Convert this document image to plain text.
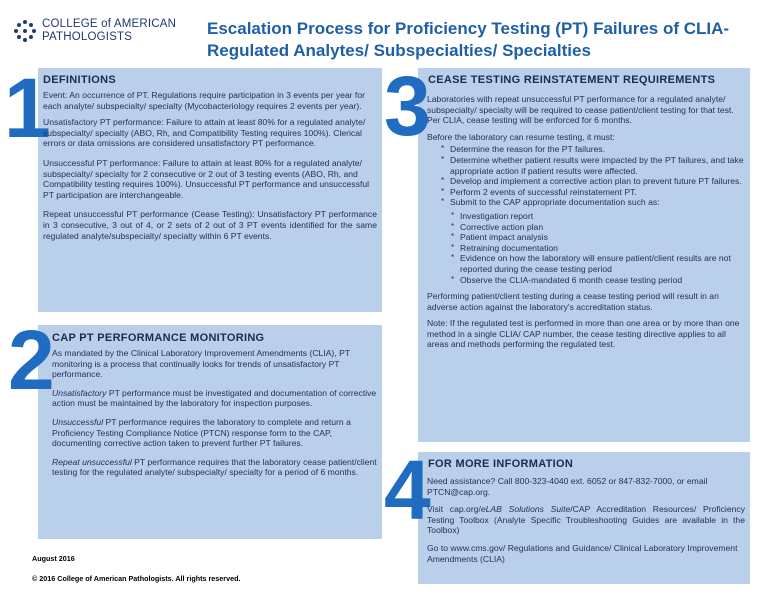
COLLEGE of AMERICAN
PATHOLOGISTS	Escalation Process for Proficiency Testing (PT) Failures of CLIA-
Regulated Analytes/ Subspecialties/ Specialties
1
DEFINITIONS

Event: An occurrence of PT. Regulations require participation in 3 events per year for each analyte/ subspecialty/ specialty (Mycobacteriology requires 2 events per year).

Unsatisfactory PT performance: Failure to attain at least 80% for a regulated analyte/ subspecialty/ specialty (ABO, Rh, and Compatibility Testing requires 100%). Clerical errors or data omissions are considered unsatisfactory PT performance.

Unsuccessful PT performance: Failure to attain at least 80% for a regulated analyte/ subspecialty/ specialty for 2 consecutive or 2 out of 3 testing events (ABO, Rh, and Compatibility testing requires 100%). Unsuccessful PT performance and unsuccessful PT participation are interchangeable.

Repeat unsuccessful PT performance (Cease Testing): Unsatisfactory PT performance in 3 consecutive, 3 out of 4, or 2 sets of 2 out of 3 PT events identified for the same regulated analyte/subspecialty/ specialty within 6 PT events.

2
CAP PT PERFORMANCE MONITORING

As mandated by the Clinical Laboratory Improvement Amendments (CLIA), PT monitoring is a process that continually looks for trends of unsatisfactory PT performance.

Unsatisfactory PT performance must be investigated and documentation of corrective action must be maintained by the laboratory for inspection purposes.

Unsuccessful PT performance requires the laboratory to complete and return a Proficiency Testing Compliance Notice (PTCN) response form to the CAP, documenting corrective action taken to prevent further PT failures.

Repeat unsuccessful PT performance requires that the laboratory cease patient/client testing for the regulated analyte/ subspecialty/ specialty for a period of 6 months.

3
CEASE TESTING REINSTATEMENT REQUIREMENTS

Laboratories with repeat unsuccessful PT performance for a regulated analyte/ subspecialty/ specialty will be required to cease patient/client testing for that test. Per CLIA, cease testing will be enforced for 6 months.

Before the laboratory can resume testing, it must:

* Determine the reason for the PT failures.
* Determine whether patient results were impacted by the PT failures, and take appropriate action if patient results were affected.
* Develop and implement a corrective action plan to prevent future PT failures.
* Perform 2 events of successful reinstatement PT.
* Submit to the CAP appropriate documentation such as:
* Investigation report
* Corrective action plan
* Patient impact analysis
* Retraining documentation
* Evidence on how the laboratory will ensure patient/client results are not reported during the cease testing period
* Observe the CLIA-mandated 6 month cease testing period

Performing patient/client testing during a cease testing period will result in an adverse action against the laboratory's accreditation status.

Note: If the regulated test is performed in more than one area or by more than one method in a single CLIA/ CAP number, the cease testing directive applies to all areas and methods performing the regulated test.

4
FOR MORE INFORMATION

Need assistance? Call 800-323-4040 ext. 6052 or 847-832-7000, or email PTCN@cap.org.

Visit cap.org/eLAB Solutions Suite/CAP Accreditation Resources/ Proficiency Testing Toolbox (Analyte Specific Troubleshooting Guides are available in the Toolbox)

Go to www.cms.gov/ Regulations and Guidance/ Clinical Laboratory Improvement Amendments (CLIA)

August 2016
© 2016 College of American Pathologists. All rights reserved.
